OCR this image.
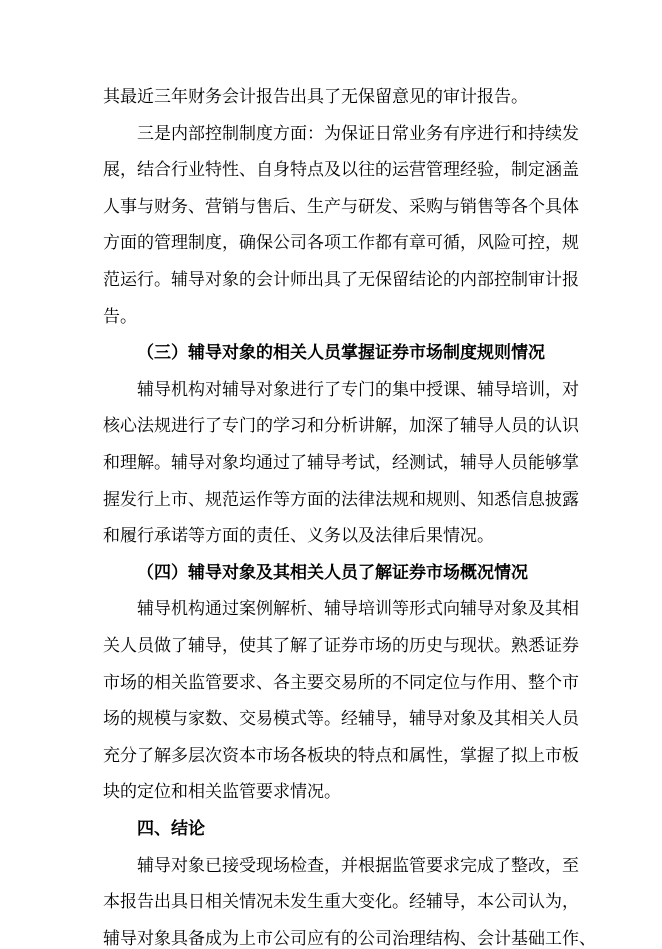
其最近三年财务会计报告出具了无保留意见的审计报告。
三是内部控制制度方面：为保证日常业务有序进行和持续发
展，结合行业特性、自身特点及以往的运营管理经验，制定涵盖
人事与财务、营销与售后、生产与研发、采购与销售等各个具体
方面的管理制度，确保公司各项工作都有章可循，风险可控，规
范运行。辅导对象的会计师出具了无保留结论的内部控制审计报
告。
（三）辅导对象的相关人员掌握证券市场制度规则情况
辅导机构对辅导对象进行了专门的集中授课、辅导培训，对
核心法规进行了专门的学习和分析讲解，加深了辅导人员的认识
和理解。辅导对象均通过了辅导考试，经测试，辅导人员能够掌
握发行上市、规范运作等方面的法律法规和规则、知悉信息披露
和履行承诺等方面的责任、义务以及法律后果情况。
（四）辅导对象及其相关人员了解证券市场概况情况
辅导机构通过案例解析、辅导培训等形式向辅导对象及其相
关人员做了辅导，使其了解了证券市场的历史与现状。熟悉证券
市场的相关监管要求、各主要交易所的不同定位与作用、整个市
场的规模与家数、交易模式等。经辅导，辅导对象及其相关人员
充分了解多层次资本市场各板块的特点和属性，掌握了拟上市板
块的定位和相关监管要求情况。
四、结论
辅导对象已接受现场检查，并根据监管要求完成了整改，至
本报告出具日相关情况未发生重大变化。经辅导，本公司认为，
辅导对象具备成为上市公司应有的公司治理结构、会计基础工作、
